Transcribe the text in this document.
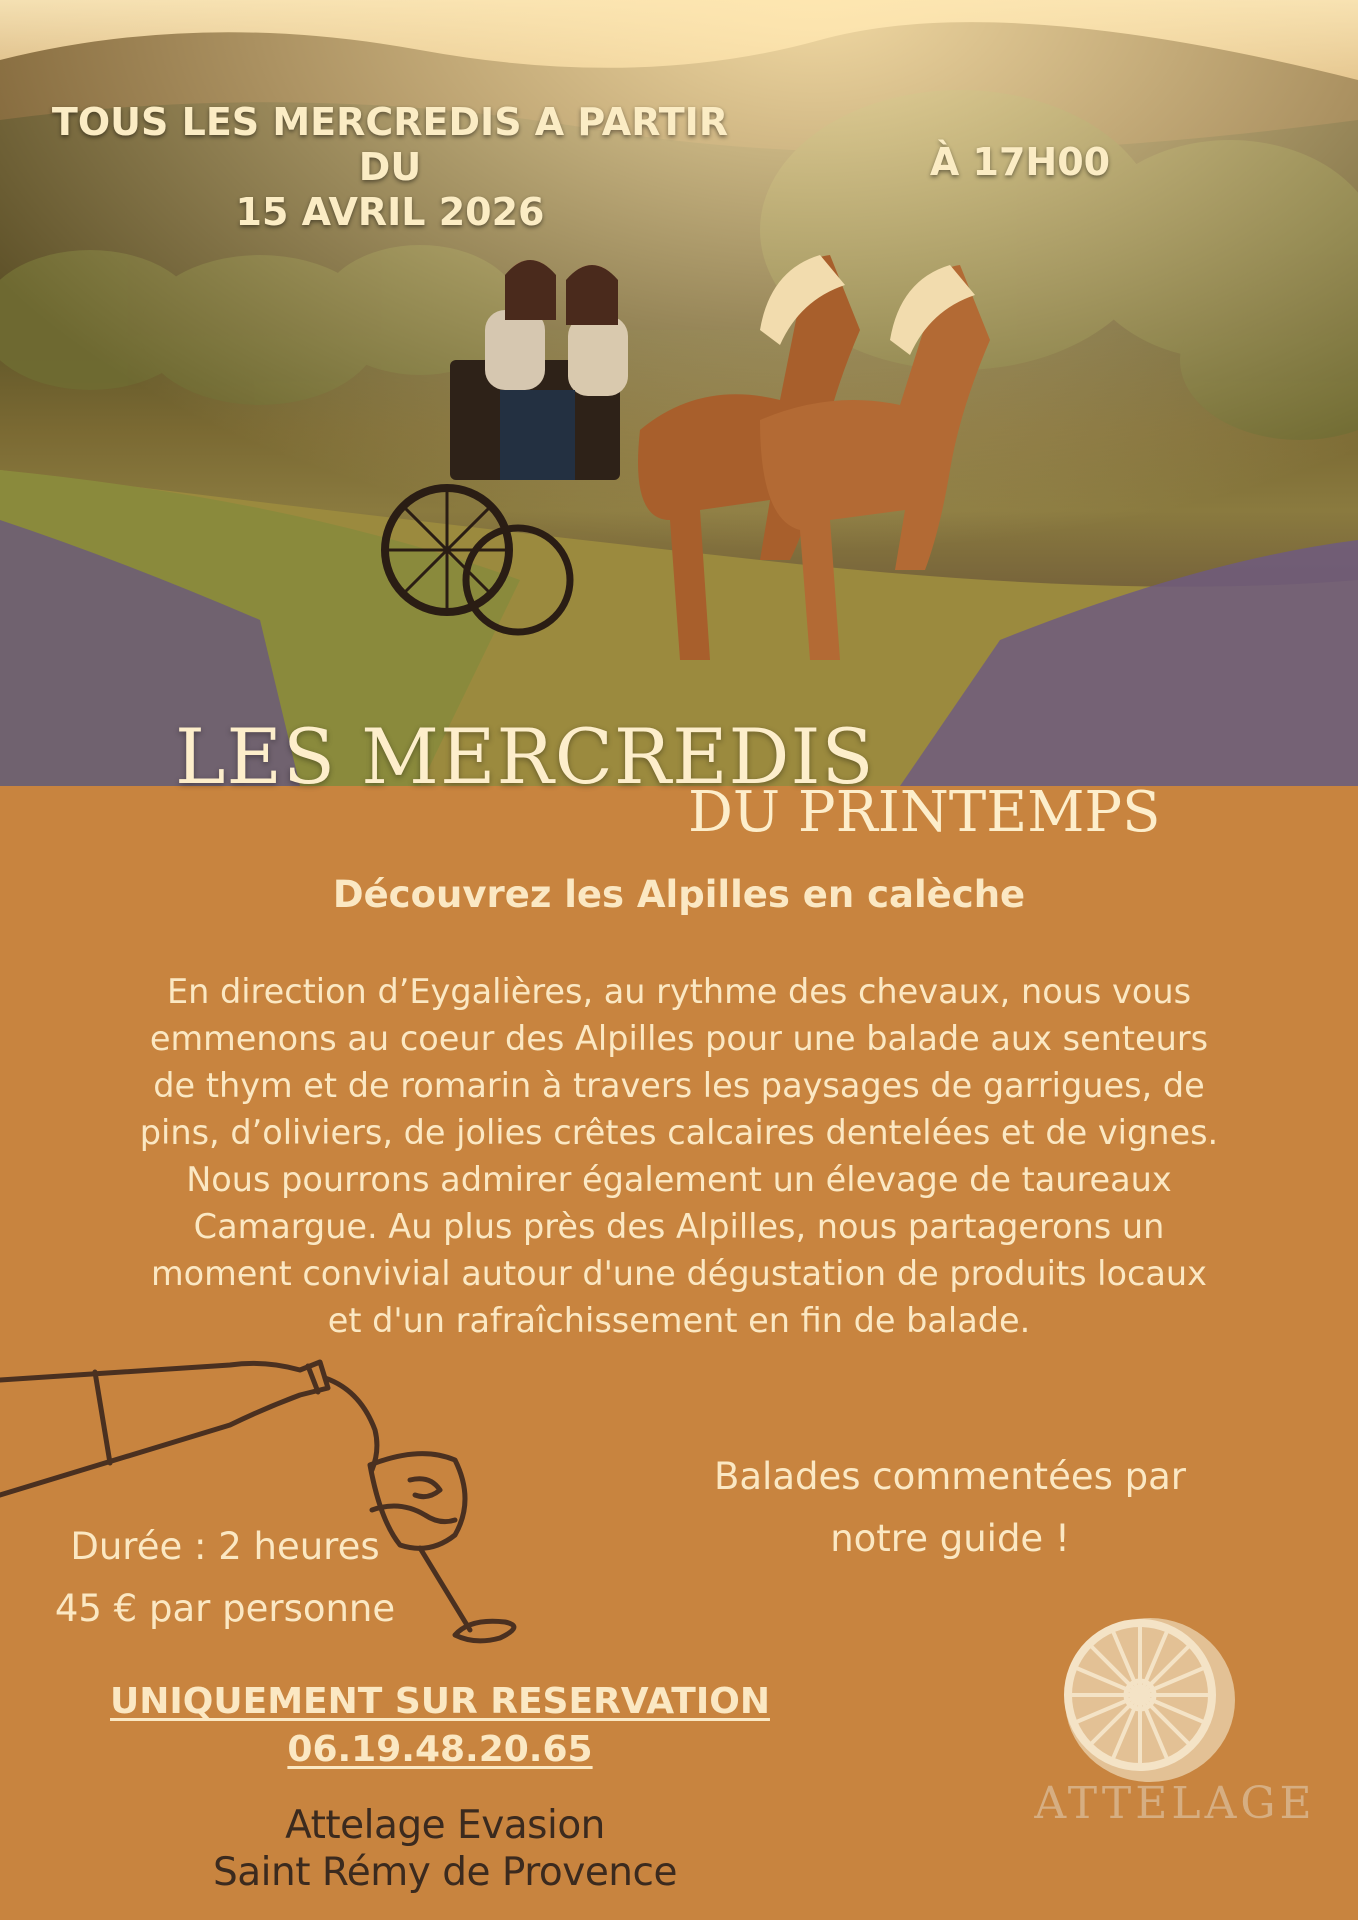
TOUS LES MERCREDIS A PARTIR
DU
15 AVRIL 2026
À 17H00
LES MERCREDIS
DU PRINTEMPS
Découvrez les Alpilles en calèche
En direction d’Eygalières, au rythme des chevaux, nous vous
emmenons au coeur des Alpilles pour une balade aux senteurs
de thym et de romarin à travers les paysages de garrigues, de
pins, d’oliviers, de jolies crêtes calcaires dentelées et de vignes.
Nous pourrons admirer également un élevage de taureaux
Camargue. Au plus près des Alpilles, nous partagerons un
moment convivial autour d'une dégustation de produits locaux
et d'un rafraîchissement en fin de balade.
Balades commentées par
notre guide !
Durée : 2 heures
45 € par personne
UNIQUEMENT SUR RESERVATION
06.19.48.20.65
Attelage Evasion
Saint Rémy de Provence
ATTELAGE
